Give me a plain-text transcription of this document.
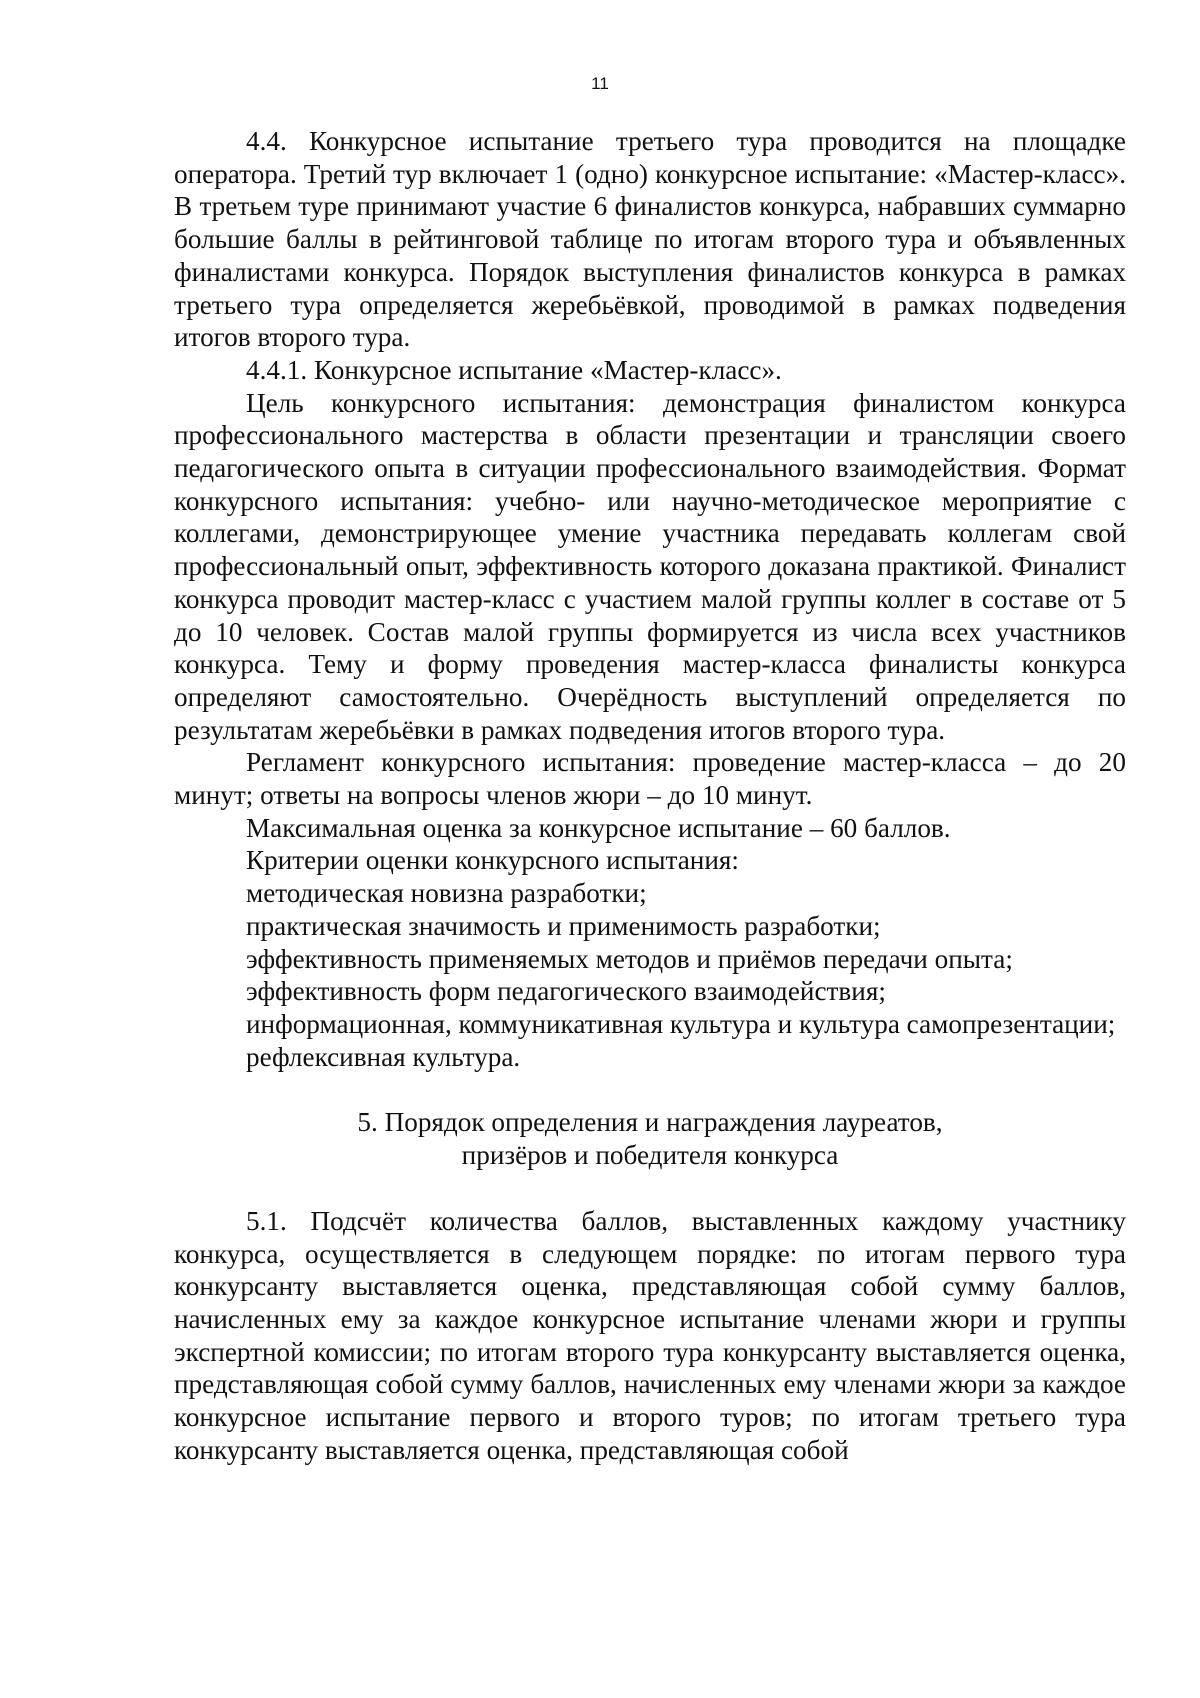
11

4.4. Конкурсное испытание третьего тура проводится на площадке оператора. Третий тур включает 1 (одно) конкурсное испытание: «Мастер-класс». В третьем туре принимают участие 6 финалистов конкурса, набравших суммарно большие баллы в рейтинговой таблице по итогам второго тура и объявленных финалистами конкурса. Порядок выступления финалистов конкурса в рамках третьего тура определяется жеребьёвкой, проводимой в рамках подведения итогов второго тура.

4.4.1. Конкурсное испытание «Мастер-класс».

Цель конкурсного испытания: демонстрация финалистом конкурса профессионального мастерства в области презентации и трансляции своего педагогического опыта в ситуации профессионального взаимодействия. Формат конкурсного испытания: учебно- или научно-методическое мероприятие с коллегами, демонстрирующее умение участника передавать коллегам свой профессиональный опыт, эффективность которого доказана практикой. Финалист конкурса проводит мастер-класс с участием малой группы коллег в составе от 5 до 10 человек. Состав малой группы формируется из числа всех участников конкурса. Тему и форму проведения мастер-класса финалисты конкурса определяют самостоятельно. Очерёдность выступлений определяется по результатам жеребьёвки в рамках подведения итогов второго тура.

Регламент конкурсного испытания: проведение мастер-класса – до 20 минут; ответы на вопросы членов жюри – до 10 минут.

Максимальная оценка за конкурсное испытание – 60 баллов.

Критерии оценки конкурсного испытания:

методическая новизна разработки;

практическая значимость и применимость разработки;

эффективность применяемых методов и приёмов передачи опыта;

эффективность форм педагогического взаимодействия;

информационная, коммуникативная культура и культура самопрезентации;

рефлексивная культура.

5. Порядок определения и награждения лауреатов,
призёров и победителя конкурса

5.1. Подсчёт количества баллов, выставленных каждому участнику конкурса, осуществляется в следующем порядке: по итогам первого тура конкурсанту выставляется оценка, представляющая собой сумму баллов, начисленных ему за каждое конкурсное испытание членами жюри и группы экспертной комиссии; по итогам второго тура конкурсанту выставляется оценка, представляющая собой сумму баллов, начисленных ему членами жюри за каждое конкурсное испытание первого и второго туров; по итогам третьего тура конкурсанту выставляется оценка, представляющая собой
